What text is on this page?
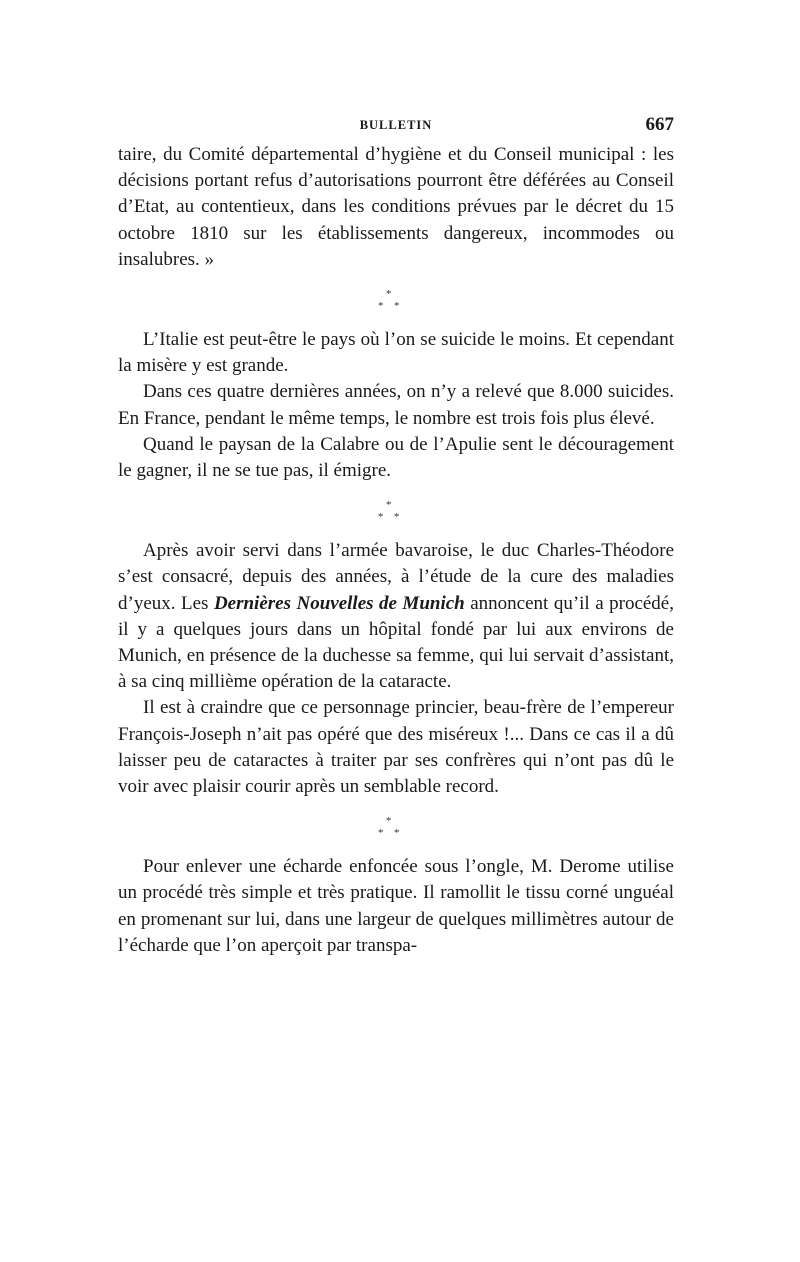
BULLETIN	667

taire, du Comité départemental d’hygiène et du Conseil municipal : les décisions portant refus d’autorisations pourront être déférées au Conseil d’Etat, au contentieux, dans les conditions prévues par le décret du 15 octobre 1810 sur les établissements dangereux, incommodes ou insalubres. »

*
* *

L’Italie est peut-être le pays où l’on se suicide le moins. Et cependant la misère y est grande.

Dans ces quatre dernières années, on n’y a relevé que 8.000 suicides. En France, pendant le même temps, le nombre est trois fois plus élevé.

Quand le paysan de la Calabre ou de l’Apulie sent le découragement le gagner, il ne se tue pas, il émigre.

*
* *

Après avoir servi dans l’armée bavaroise, le duc Charles-Théodore s’est consacré, depuis des années, à l’étude de la cure des maladies d’yeux. Les Dernières Nouvelles de Munich annoncent qu’il a procédé, il y a quelques jours dans un hôpital fondé par lui aux environs de Munich, en présence de la duchesse sa femme, qui lui servait d’assistant, à sa cinq millième opération de la cataracte.

Il est à craindre que ce personnage princier, beau-frère de l’empereur François-Joseph n’ait pas opéré que des miséreux !... Dans ce cas il a dû laisser peu de cataractes à traiter par ses confrères qui n’ont pas dû le voir avec plaisir courir après un semblable record.

*
* *

Pour enlever une écharde enfoncée sous l’ongle, M. Derome utilise un procédé très simple et très pratique. Il ramollit le tissu corné unguéal en promenant sur lui, dans une largeur de quelques millimètres autour de l’écharde que l’on aperçoit par transpa-
